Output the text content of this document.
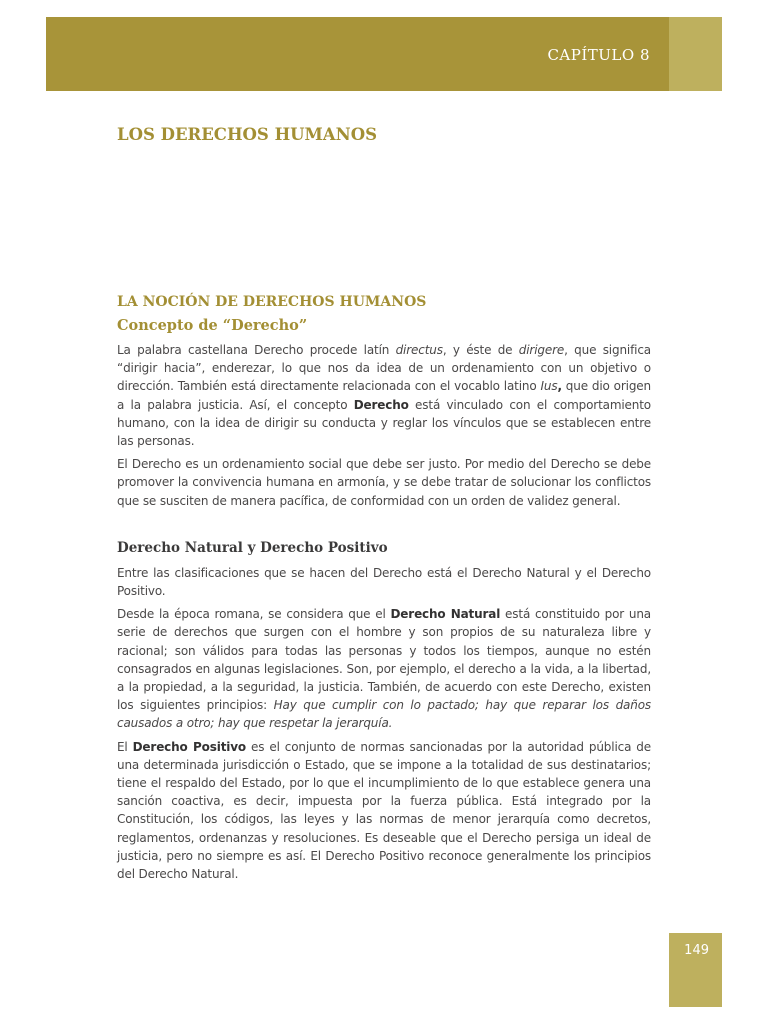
CAPÍTULO 8
LOS DERECHOS HUMANOS
LA NOCIÓN DE DERECHOS HUMANOS
Concepto de “Derecho”

La palabra castellana Derecho procede latín directus, y éste de dirigere, que significa “dirigir hacia”, enderezar, lo que nos da idea de un ordenamiento con un objetivo o dirección. También está directamente relacionada con el vocablo latino Ius, que dio origen a la palabra justicia. Así, el concepto Derecho está vinculado con el comportamiento humano, con la idea de dirigir su conducta y reglar los vínculos que se establecen entre las personas.

El Derecho es un ordenamiento social que debe ser justo. Por medio del Derecho se debe promover la convivencia humana en armonía, y se debe tratar de solucionar los conflictos que se susciten de manera pacífica, de conformidad con un orden de validez general.

Derecho Natural y Derecho Positivo

Entre las clasificaciones que se hacen del Derecho está el Derecho Natural y el Derecho Positivo.

Desde la época romana, se considera que el Derecho Natural está constituido por una serie de derechos que surgen con el hombre y son propios de su naturaleza libre y racional; son válidos para todas las personas y todos los tiempos, aunque no estén consagrados en algunas legislaciones. Son, por ejemplo, el derecho a la vida, a la libertad, a la propiedad, a la seguridad, la justicia. También, de acuerdo con este Derecho, existen los siguientes principios: Hay que cumplir con lo pactado; hay que reparar los daños causados a otro; hay que respetar la jerarquía.

El Derecho Positivo es el conjunto de normas sancionadas por la autoridad pública de una determinada jurisdicción o Estado, que se impone a la totalidad de sus destinatarios; tiene el respaldo del Estado, por lo que el incumplimiento de lo que establece genera una sanción coactiva, es decir, impuesta por la fuerza pública. Está integrado por la Constitución, los códigos, las leyes y las normas de menor jerarquía como decretos, reglamentos, ordenanzas y resoluciones. Es deseable que el Derecho persiga un ideal de justicia, pero no siempre es así. El Derecho Positivo reconoce generalmente los principios del Derecho Natural.

149
